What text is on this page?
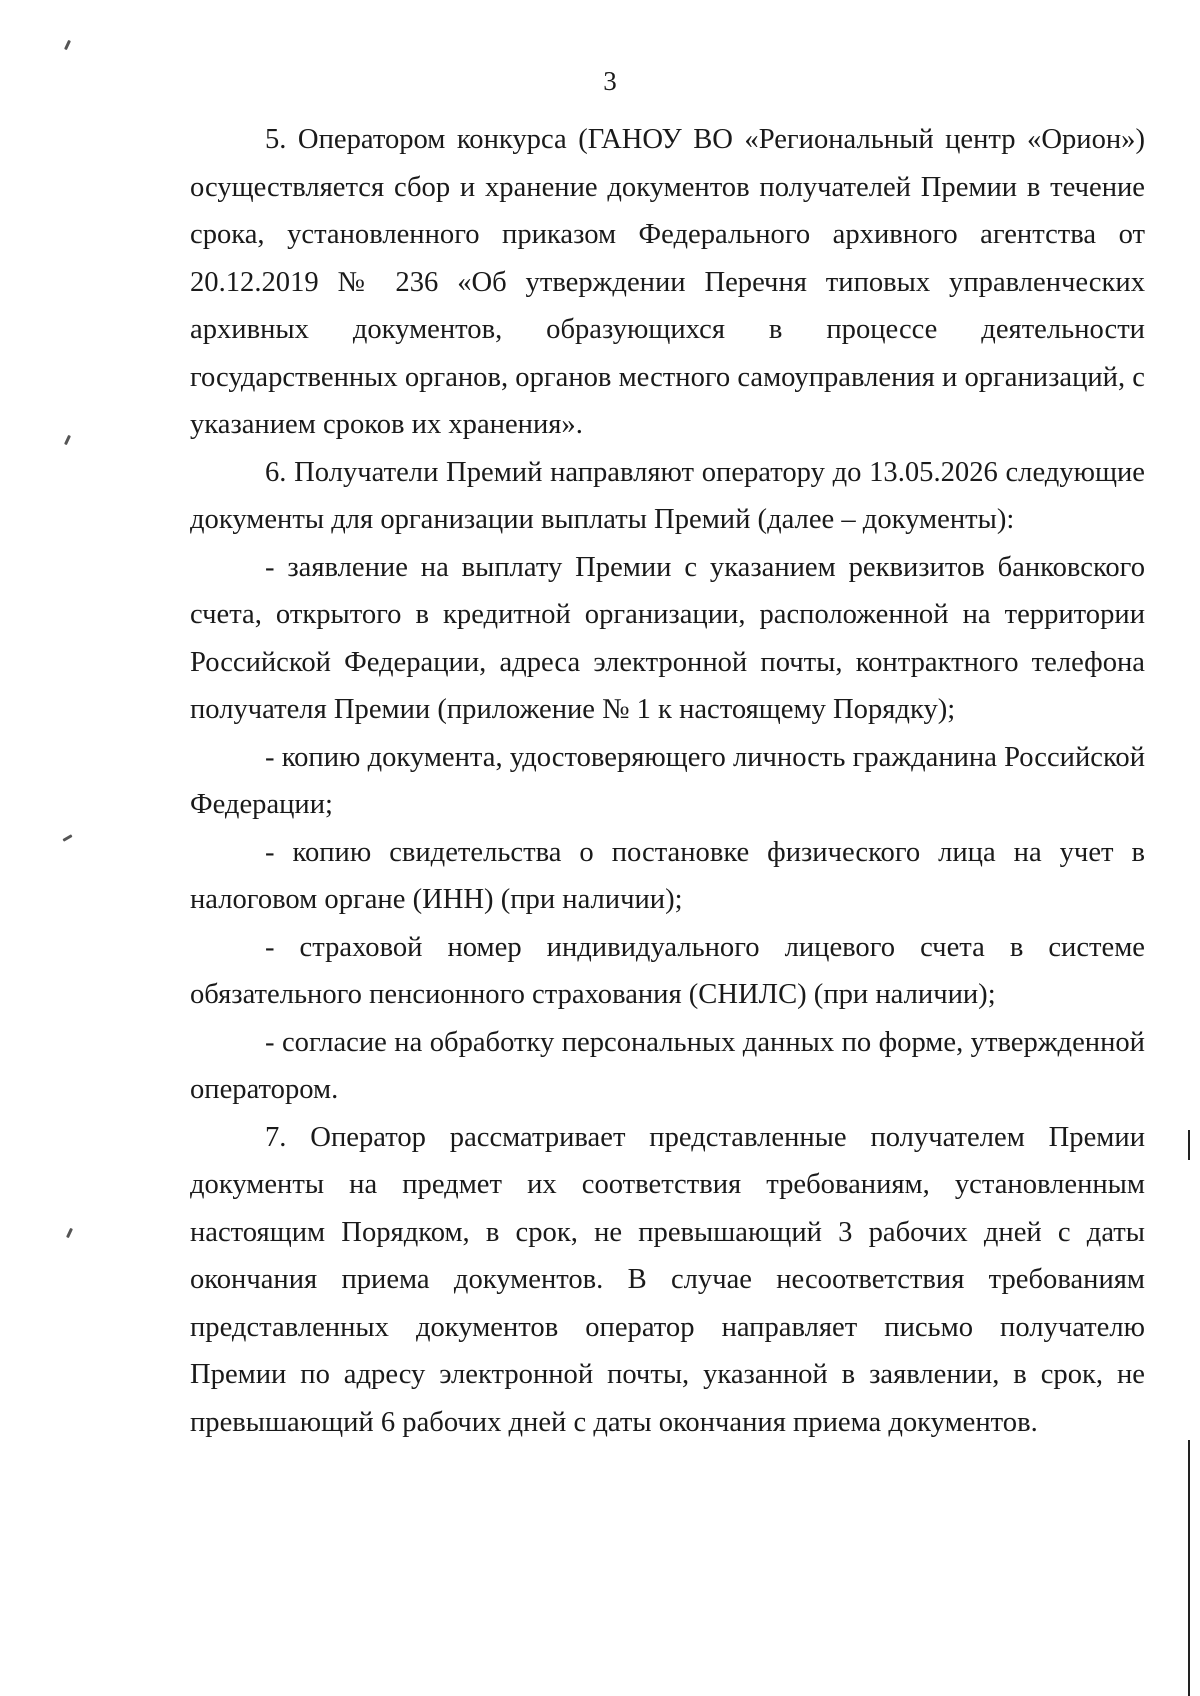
3

5. Оператором конкурса (ГАНОУ ВО «Региональный центр «Орион») осуществляется сбор и хранение документов получателей Премии в течение срока, установленного приказом Федерального архивного агентства от 20.12.2019 № 236 «Об утверждении Перечня типовых управленческих архивных документов, образующихся в процессе деятельности государственных органов, органов местного самоуправления и организаций, с указанием сроков их хранения».

6. Получатели Премий направляют оператору до 13.05.2026 следующие документы для организации выплаты Премий (далее – документы):

- заявление на выплату Премии с указанием реквизитов банковского счета, открытого в кредитной организации, расположенной на территории Российской Федерации, адреса электронной почты, контрактного телефона получателя Премии (приложение № 1 к настоящему Порядку);

- копию документа, удостоверяющего личность гражданина Российской Федерации;

- копию свидетельства о постановке физического лица на учет в налоговом органе (ИНН) (при наличии);

- страховой номер индивидуального лицевого счета в системе обязательного пенсионного страхования (СНИЛС) (при наличии);

- согласие на обработку персональных данных по форме, утвержденной оператором.

7. Оператор рассматривает представленные получателем Премии документы на предмет их соответствия требованиям, установленным настоящим Порядком, в срок, не превышающий 3 рабочих дней с даты окончания приема документов. В случае несоответствия требованиям представленных документов оператор направляет письмо получателю Премии по адресу электронной почты, указанной в заявлении, в срок, не превышающий 6 рабочих дней с даты окончания приема документов.
